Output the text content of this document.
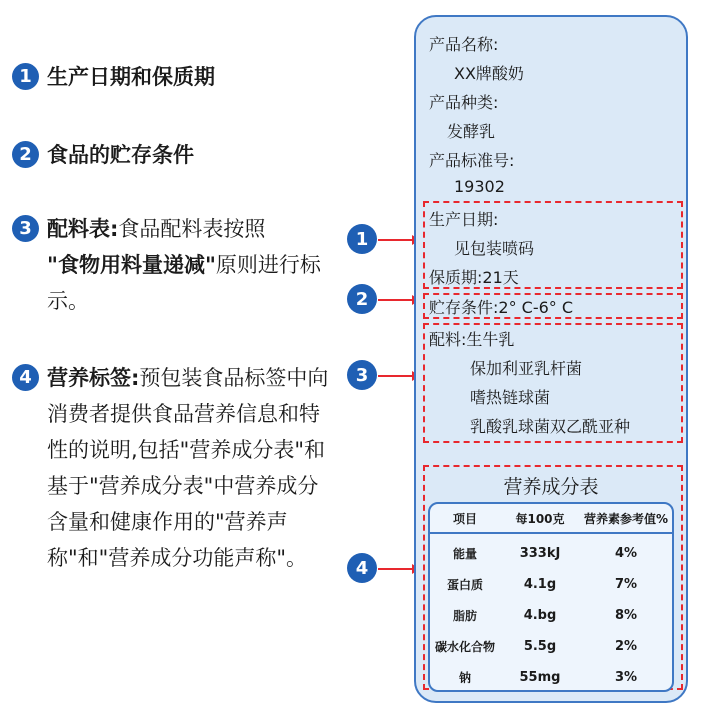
1 生产日期和保质期
2 食品的贮存条件
3 配料表:食品配料表按照
"食物用料量递减"原则进行标示。
4 营养标签:预包装食品标签中向消费者提供食品营养信息和特性的说明,包括"营养成分表"和基于"营养成分表"中营养成分含量和健康作用的"营养声称"和"营养成分功能声称"。
1
2
3
4
产品名称:
XX牌酸奶
产品种类:
发酵乳
产品标准号:
19302
生产日期:
见包装喷码
保质期:21天
贮存条件:2° C-6° C
配料:生牛乳
保加利亚乳杆菌
嗜热链球菌
乳酸乳球菌双乙酰亚种
营养成分表
项目	每100克	营养素参考值%
能量	333kJ	4%
蛋白质	4.1g	7%
脂肪	4.bg	8%
碳水化合物	5.5g	2%
钠	55mg	3%
